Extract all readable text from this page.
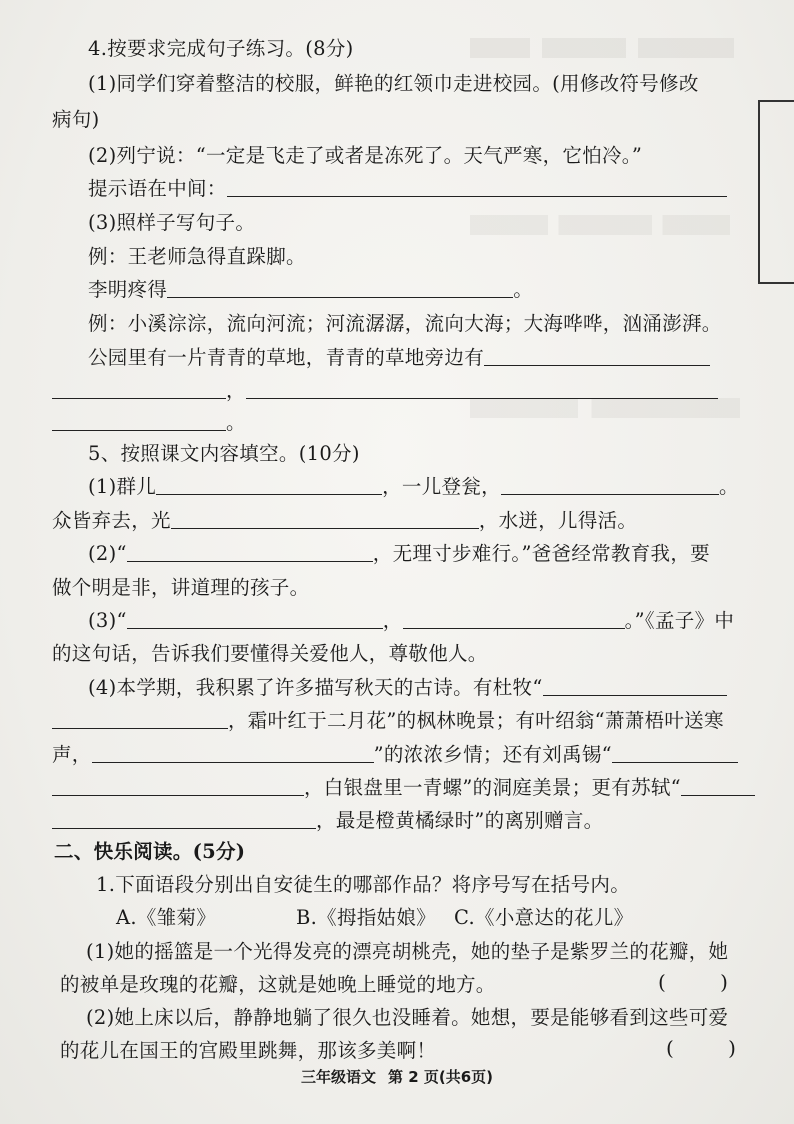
4.按要求完成句子练习。(8分)
(1)同学们穿着整洁的校服，鲜艳的红领巾走进校园。(用修改符号修改
病句)
(2)列宁说：“一定是飞走了或者是冻死了。天气严寒，它怕冷。”
提示语在中间：
(3)照样子写句子。
例：王老师急得直跺脚。
李明疼得	。
例：小溪淙淙，流向河流；河流潺潺，流向大海；大海哗哗，汹涌澎湃。
公园里有一片青青的草地，青青的草地旁边有
，
。
5、按照课文内容填空。(10分)
(1)群儿	，一儿登瓮，	。
众皆弃去，光	，水迸，儿得活。
(2)“	，无理寸步难行。”爸爸经常教育我，要
做个明是非，讲道理的孩子。
(3)“	，	。”《孟子》中
的这句话，告诉我们要懂得关爱他人，尊敬他人。
(4)本学期，我积累了许多描写秋天的古诗。有杜牧“
，霜叶红于二月花”的枫林晚景；有叶绍翁“萧萧梧叶送寒
声，	”的浓浓乡情；还有刘禹锡“
，白银盘里一青螺”的洞庭美景；更有苏轼“
，最是橙黄橘绿时”的离别赠言。
二、快乐阅读。(5分)
1.下面语段分别出自安徒生的哪部作品？将序号写在括号内。
A.《雏菊》	B.《拇指姑娘》 C.《小意达的花儿》
(1)她的摇篮是一个光得发亮的漂亮胡桃壳，她的垫子是紫罗兰的花瓣，她
的被单是玫瑰的花瓣，这就是她晚上睡觉的地方。	( )
(2)她上床以后，静静地躺了很久也没睡着。她想，要是能够看到这些可爱
的花儿在国王的宫殿里跳舞，那该多美啊！	( )
三年级语文 第 2 页(共6页)
